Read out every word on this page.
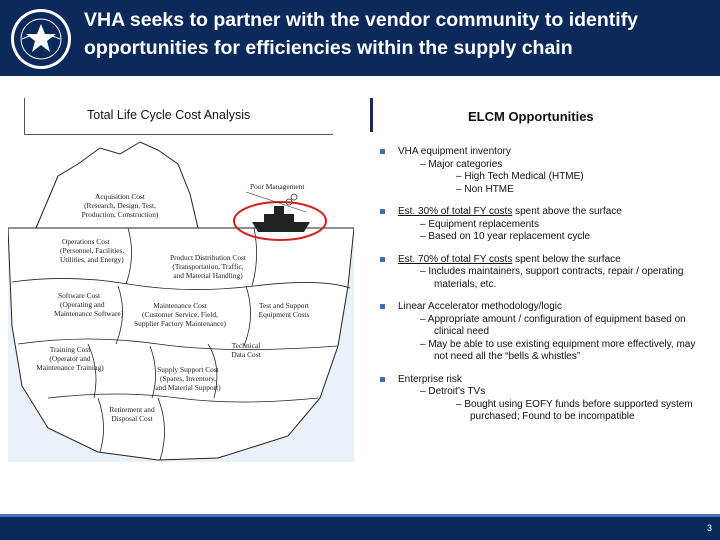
VHA seeks to partner with the vendor community to identify opportunities for efficiencies within the supply chain
Total Life Cycle Cost Analysis	ELCM Opportunities
Poor Management
Acquisition Cost
(Research, Design, Test,
Production, Construction)
Operations Cost
(Personnel, Facilities,
Utilities, and Energy)	Product Distribution Cost
(Transportation, Traffic,
and Material Handling)
Software Cost
(Operating and
Maintenance Software)
Maintenance Cost
(Customer Service, Field,
Supplier Factory Maintenance)
Test and Support
Equipment Costs
Training Cost
(Operator and
Maintenance Training)
Technical
Data Cost
Supply Support Cost
(Spares, Inventory,
and Material Support)
Retirement and
Disposal Cost
VHA equipment inventory
– Major categories
– High Tech Medical (HTME)
– Non HTME
Est. 30% of total FY costs spent above the surface
– Equipment replacements
– Based on 10 year replacement cycle
Est. 70% of total FY costs spent below the surface
– Includes maintainers, support contracts, repair / operating materials, etc.
Linear Accelerator methodology/logic
– Appropriate amount / configuration of equipment based on clinical need
– May be able to use existing equipment more effectively, may not need all the “bells & whistles”
Enterprise risk
– Detroit’s TVs
– Bought using EOFY funds before supported system purchased; Found to be incompatible
3
